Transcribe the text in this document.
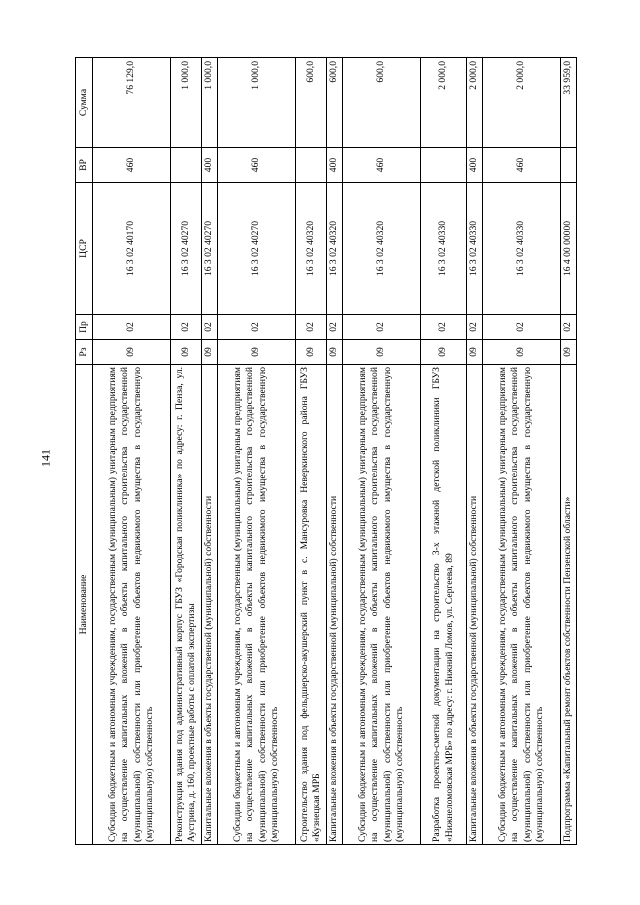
141
Наименование	Рз	Пр	ЦСР	ВР	Сумма
Субсидии бюджетным и автономным учреждениям, государственным (муниципальным) унитарным предприятиям на осуществление капитальных вложений в объекты капитального строительства государственной (муниципальной) собственности или приобретение объектов недвижимого имущества в государственную (муниципальную) собственность	09	02	16 3 02 40170	460	76 129,0
Реконструкция здания под административный корпус ГБУЗ «Городская поликлиника» по адресу: г. Пенза, ул. Аустрина, д. 160, проектные работы с оплатой экспертизы	09	02	16 3 02 40270		1 000,0
Капитальные вложения в объекты государственной (муниципальной) собственности	09	02	16 3 02 40270	400	1 000,0
Субсидии бюджетным и автономным учреждениям, государственным (муниципальным) унитарным предприятиям на осуществление капитальных вложений в объекты капитального строительства государственной (муниципальной) собственности или приобретение объектов недвижимого имущества в государственную (муниципальную) собственность	09	02	16 3 02 40270	460	1 000,0
Строительство здания под фельдшерско-акушерский пункт в с. Мансуровка Неверкинского района ГБУЗ «Кузнецкая МРБ	09	02	16 3 02 40320		600,0
Капитальные вложения в объекты государственной (муниципальной) собственности	09	02	16 3 02 40320	400	600,0
Субсидии бюджетным и автономным учреждениям, государственным (муниципальным) унитарным предприятиям на осуществление капитальных вложений в объекты капитального строительства государственной (муниципальной) собственности или приобретение объектов недвижимого имущества в государственную (муниципальную) собственность	09	02	16 3 02 40320	460	600,0
Разработка проектно-сметной документации на строительство 3-х этажной детской поликлиники ГБУЗ «Нижнеломовская МРБ» по адресу: г. Нижний Ломов, ул. Сергеева, 89	09	02	16 3 02 40330		2 000,0
Капитальные вложения в объекты государственной (муниципальной) собственности	09	02	16 3 02 40330	400	2 000,0
Субсидии бюджетным и автономным учреждениям, государственным (муниципальным) унитарным предприятиям на осуществление капитальных вложений в объекты капитального строительства государственной (муниципальной) собственности или приобретение объектов недвижимого имущества в государственную (муниципальную) собственность	09	02	16 3 02 40330	460	2 000,0
Подпрограмма «Капитальный ремонт объектов собственности Пензенской области»	09	02	16 4 00 00000		33 959,0
